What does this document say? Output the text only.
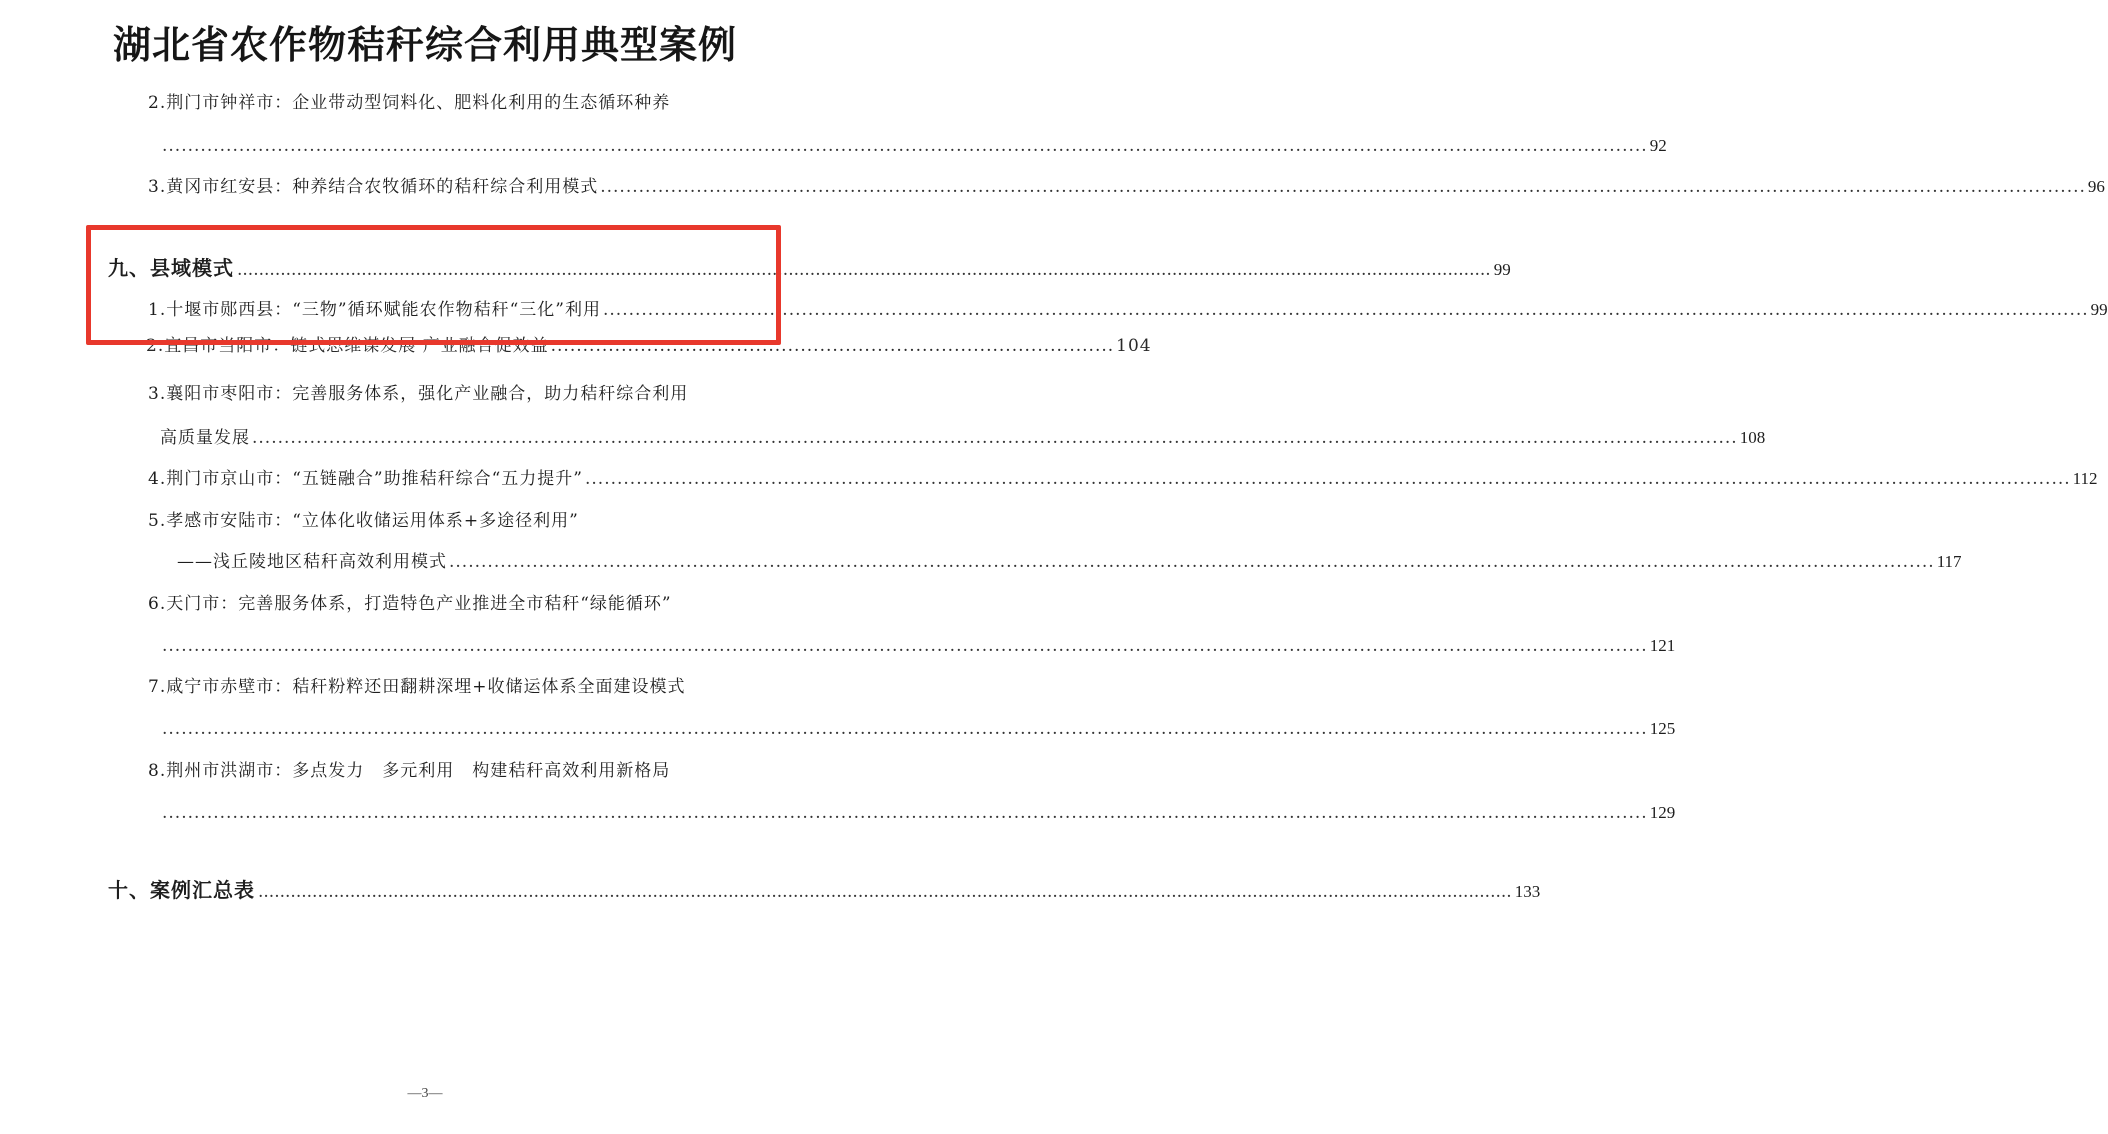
湖北省农作物秸秆综合利用典型案例
2.荆门市钟祥市：企业带动型饲料化、肥料化利用的生态循环种养
.....
92
3.黄冈市红安县：种养结合农牧循环的秸秆综合利用模式 .....	96
九、县域模式 .....	99
1.十堰市郧西县：“三物”循环赋能农作物秸秆“三化”利用 .....	99
2.宜昌市当阳市：链式思维谋发展 产业融合促效益 ........................................................................................ 104
3.襄阳市枣阳市：完善服务体系，强化产业融合，助力秸秆综合利用
高质量发展 .....	108
4.荆门市京山市：“五链融合”助推秸秆综合“五力提升” .....	112
5.孝感市安陆市：“立体化收储运用体系+多途径利用”
——浅丘陵地区秸秆高效利用模式 .....	117
6.天门市：完善服务体系，打造特色产业推进全市秸秆“绿能循环”
.....
121
7.咸宁市赤壁市：秸秆粉粹还田翻耕深埋+收储运体系全面建设模式
.....
125
8.荆州市洪湖市：多点发力　多元利用　构建秸秆高效利用新格局
.....
129
十、案例汇总表 .....	133
—3—
